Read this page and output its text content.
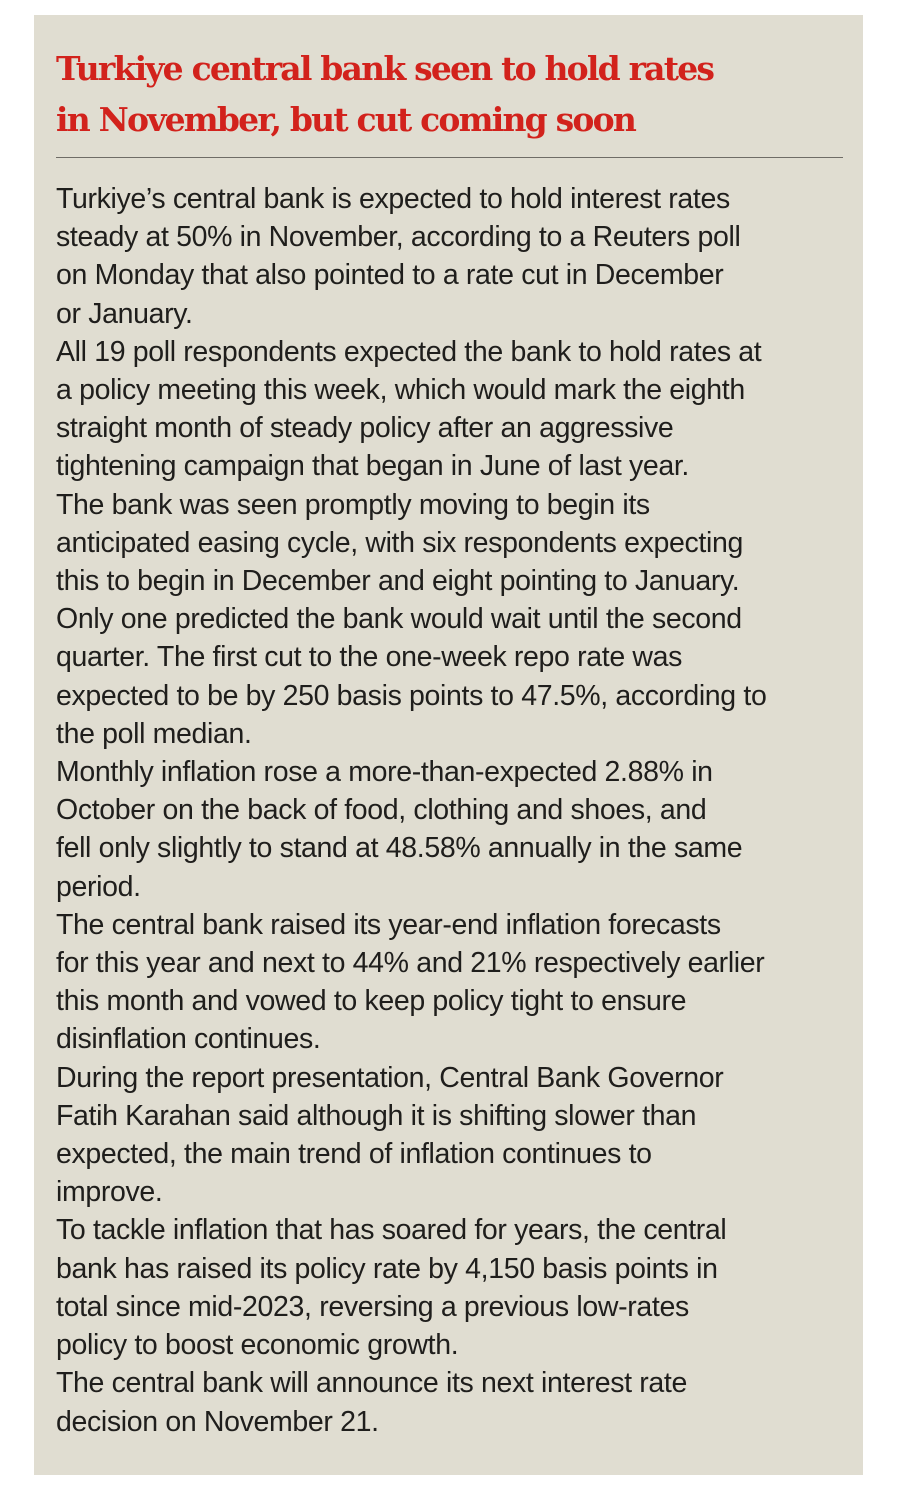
Turkiye central bank seen to hold rates
in November, but cut coming soon

Turkiye’s central bank is expected to hold interest rates
steady at 50% in November, according to a Reuters poll
on Monday that also pointed to a rate cut in December
or January.

All 19 poll respondents expected the bank to hold rates at
a policy meeting this week, which would mark the eighth
straight month of steady policy after an aggressive
tightening campaign that began in June of last year.

The bank was seen promptly moving to begin its
anticipated easing cycle, with six respondents expecting
this to begin in December and eight pointing to January.
Only one predicted the bank would wait until the second
quarter. The first cut to the one-week repo rate was
expected to be by 250 basis points to 47.5%, according to
the poll median.

Monthly inflation rose a more-than-expected 2.88% in
October on the back of food, clothing and shoes, and
fell only slightly to stand at 48.58% annually in the same
period.

The central bank raised its year-end inflation forecasts
for this year and next to 44% and 21% respectively earlier
this month and vowed to keep policy tight to ensure
disinflation continues.

During the report presentation, Central Bank Governor
Fatih Karahan said although it is shifting slower than
expected, the main trend of inflation continues to
improve.

To tackle inflation that has soared for years, the central
bank has raised its policy rate by 4,150 basis points in
total since mid-2023, reversing a previous low-rates
policy to boost economic growth.

The central bank will announce its next interest rate
decision on November 21.
